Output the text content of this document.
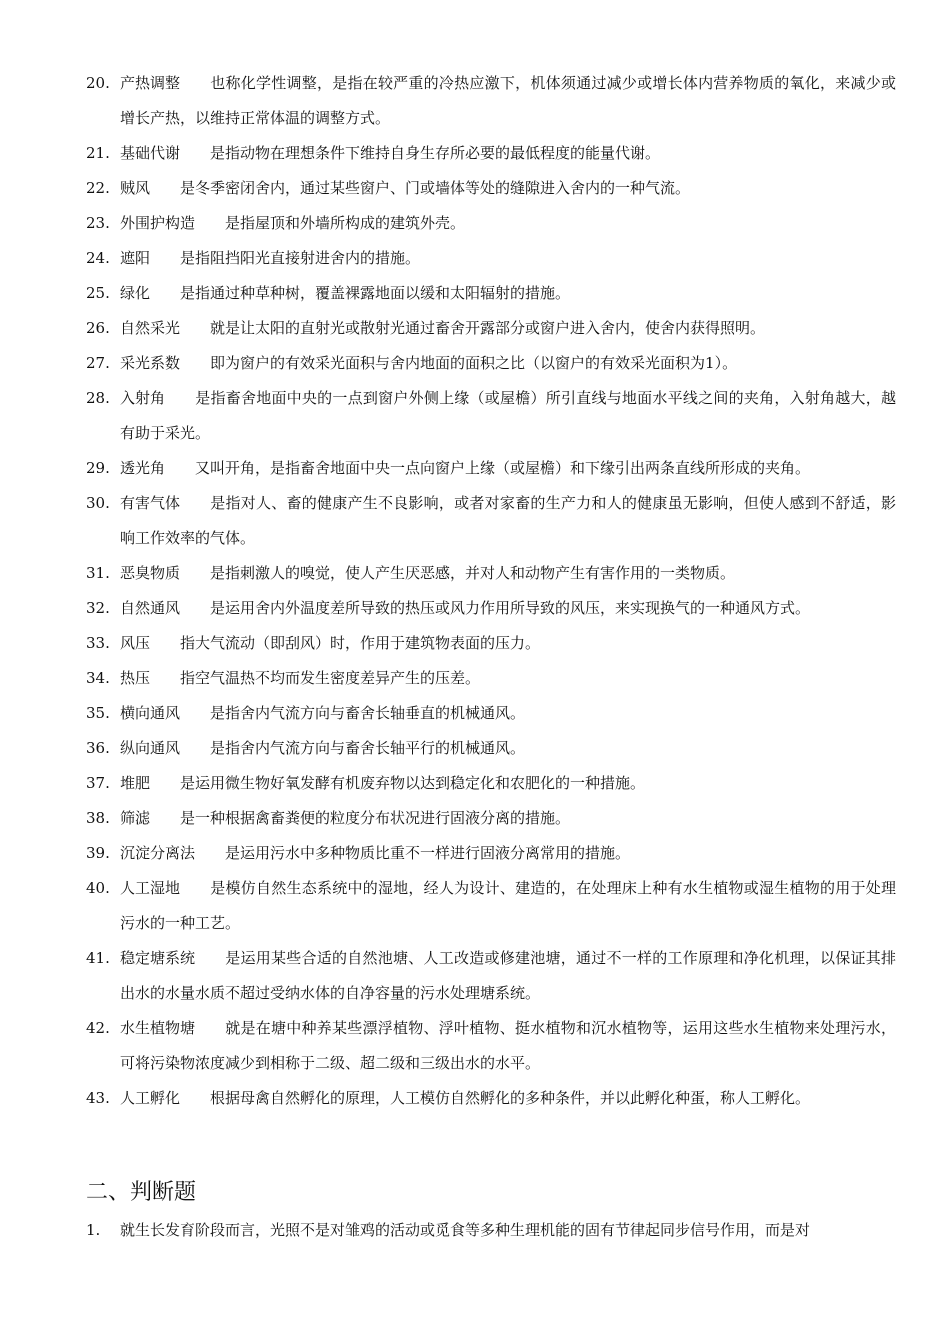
20. 产热调整 也称化学性调整，是指在较严重的冷热应激下，机体须通过减少或增长体内营养物质的氧化，来减少或增长产热，以维持正常体温的调整方式。
21. 基础代谢 是指动物在理想条件下维持自身生存所必要的最低程度的能量代谢。
22. 贼风 是冬季密闭舍内，通过某些窗户、门或墙体等处的缝隙进入舍内的一种气流。
23. 外围护构造 是指屋顶和外墙所构成的建筑外壳。
24. 遮阳 是指阻挡阳光直接射进舍内的措施。
25. 绿化 是指通过种草种树，覆盖裸露地面以缓和太阳辐射的措施。
26. 自然采光 就是让太阳的直射光或散射光通过畜舍开露部分或窗户进入舍内，使舍内获得照明。
27. 采光系数 即为窗户的有效采光面积与舍内地面的面积之比（以窗户的有效采光面积为1）。
28. 入射角 是指畜舍地面中央的一点到窗户外侧上缘（或屋檐）所引直线与地面水平线之间的夹角，入射角越大，越有助于采光。
29. 透光角 又叫开角，是指畜舍地面中央一点向窗户上缘（或屋檐）和下缘引出两条直线所形成的夹角。
30. 有害气体 是指对人、畜的健康产生不良影响，或者对家畜的生产力和人的健康虽无影响，但使人感到不舒适，影响工作效率的气体。
31. 恶臭物质 是指刺激人的嗅觉，使人产生厌恶感，并对人和动物产生有害作用的一类物质。
32. 自然通风 是运用舍内外温度差所导致的热压或风力作用所导致的风压，来实现换气的一种通风方式。
33. 风压 指大气流动（即刮风）时，作用于建筑物表面的压力。
34. 热压 指空气温热不均而发生密度差异产生的压差。
35. 横向通风 是指舍内气流方向与畜舍长轴垂直的机械通风。
36. 纵向通风 是指舍内气流方向与畜舍长轴平行的机械通风。
37. 堆肥 是运用微生物好氧发酵有机废弃物以达到稳定化和农肥化的一种措施。
38. 筛滤 是一种根据禽畜粪便的粒度分布状况进行固液分离的措施。
39. 沉淀分离法 是运用污水中多种物质比重不一样进行固液分离常用的措施。
40. 人工湿地 是模仿自然生态系统中的湿地，经人为设计、建造的，在处理床上种有水生植物或湿生植物的用于处理污水的一种工艺。
41. 稳定塘系统 是运用某些合适的自然池塘、人工改造或修建池塘，通过不一样的工作原理和净化机理，以保证其排出水的水量水质不超过受纳水体的自净容量的污水处理塘系统。
42. 水生植物塘 就是在塘中种养某些漂浮植物、浮叶植物、挺水植物和沉水植物等，运用这些水生植物来处理污水，可将污染物浓度减少到相称于二级、超二级和三级出水的水平。
43. 人工孵化 根据母禽自然孵化的原理，人工模仿自然孵化的多种条件，并以此孵化种蛋，称人工孵化。
二、判断题
1.	就生长发育阶段而言，光照不是对雏鸡的活动或觅食等多种生理机能的固有节律起同步信号作用，而是对
